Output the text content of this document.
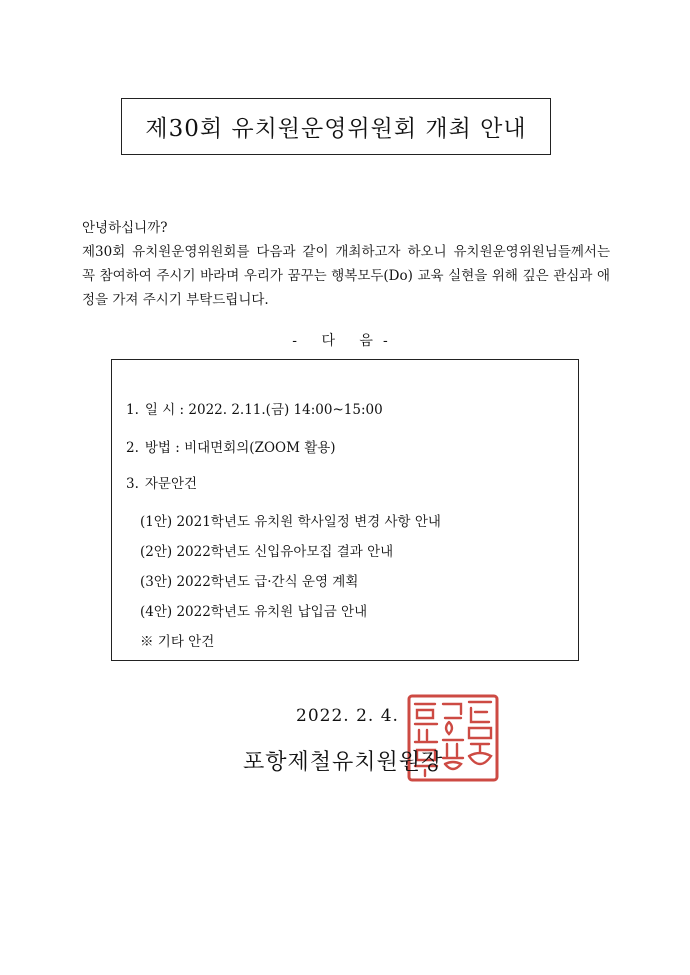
제30회 유치원운영위원회 개최 안내

안녕하십니까?

제30회 유치원운영위원회를 다음과 같이 개최하고자 하오니 유치원운영위원님들께서는 꼭 참여하여 주시기 바라며 우리가 꿈꾸는 행복모두(Do) 교육 실현을 위해 깊은 관심과 애정을 가져 주시기 부탁드립니다.

- 다 음-
1. 일 시 : 2022. 2.11.(금) 14:00~15:00
2. 방법 : 비대면회의(ZOOM 활용)
3. 자문안건
(1안) 2021학년도 유치원 학사일정 변경 사항 안내
(2안) 2022학년도 신입유아모집 결과 안내
(3안) 2022학년도 급·간식 운영 계획
(4안) 2022학년도 유치원 납입금 안내
※ 기타 안건
2022. 2. 4.
포항제철유치원원장
